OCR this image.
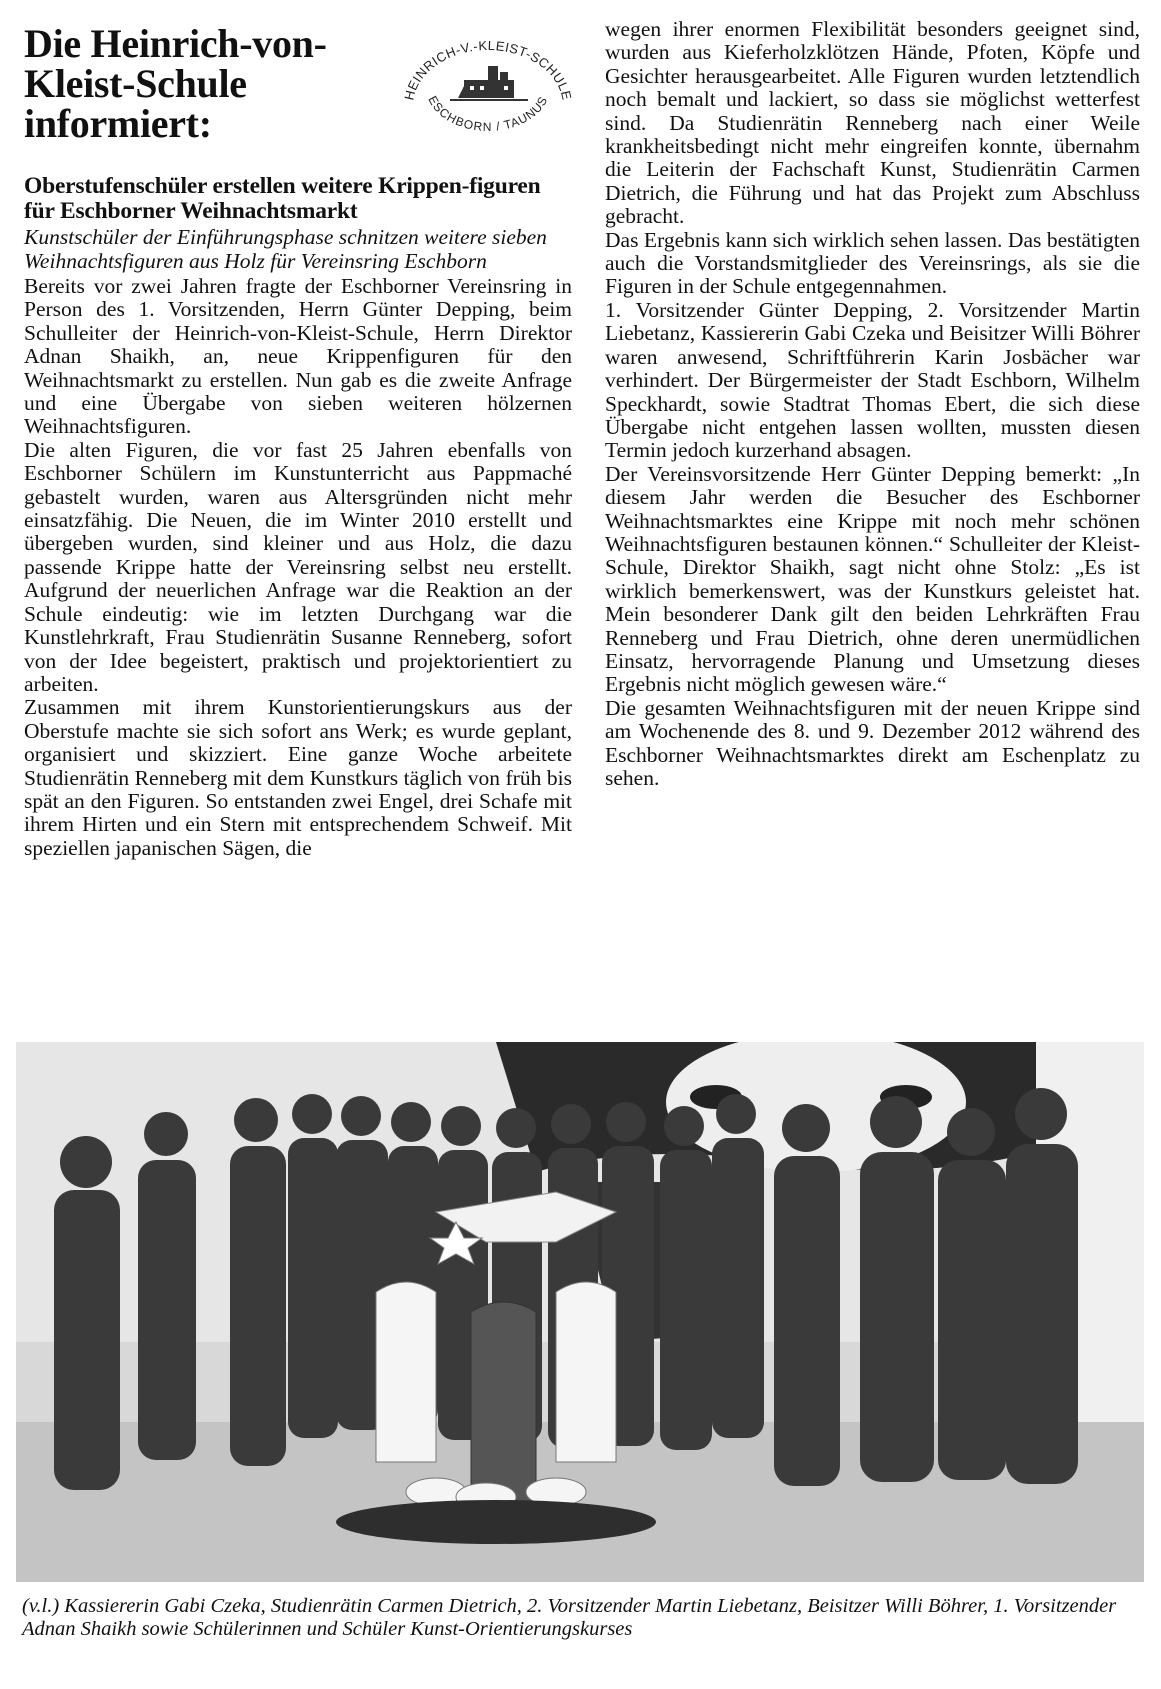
Die Heinrich-von-Kleist-Schule informiert:
HEINRICH-V.-KLEIST-SCHULE
ESCHBORN / TAUNUS
Oberstufenschüler erstellen weitere Krippen-figuren für Eschborner Weihnachtsmarkt

Kunstschüler der Einführungsphase schnitzen weitere sieben Weihnachtsfiguren aus Holz für Vereinsring Eschborn

Bereits vor zwei Jahren fragte der Eschborner Vereinsring in Person des 1. Vorsitzenden, Herrn Günter Depping, beim Schulleiter der Heinrich-von-Kleist-Schule, Herrn Direktor Adnan Shaikh, an, neue Krippenfiguren für den Weihnachtsmarkt zu erstellen. Nun gab es die zweite Anfrage und eine Übergabe von sieben weiteren hölzernen Weihnachtsfiguren.

Die alten Figuren, die vor fast 25 Jahren ebenfalls von Eschborner Schülern im Kunstunterricht aus Pappmaché gebastelt wurden, waren aus Altersgründen nicht mehr einsatzfähig. Die Neuen, die im Winter 2010 erstellt und übergeben wurden, sind kleiner und aus Holz, die dazu passende Krippe hatte der Vereinsring selbst neu erstellt. Aufgrund der neuerlichen Anfrage war die Reaktion an der Schule eindeutig: wie im letzten Durchgang war die Kunstlehrkraft, Frau Studienrätin Susanne Renneberg, sofort von der Idee begeistert, praktisch und projektorientiert zu arbeiten.

Zusammen mit ihrem Kunstorientierungskurs aus der Oberstufe machte sie sich sofort ans Werk; es wurde geplant, organisiert und skizziert. Eine ganze Woche arbeitete Studienrätin Renneberg mit dem Kunstkurs täglich von früh bis spät an den Figuren. So entstanden zwei Engel, drei Schafe mit ihrem Hirten und ein Stern mit entsprechendem Schweif. Mit speziellen japanischen Sägen, die

wegen ihrer enormen Flexibilität besonders geeignet sind, wurden aus Kieferholzklötzen Hände, Pfoten, Köpfe und Gesichter herausgearbeitet. Alle Figuren wurden letztendlich noch bemalt und lackiert, so dass sie möglichst wetterfest sind. Da Studienrätin Renneberg nach einer Weile krankheitsbedingt nicht mehr eingreifen konnte, übernahm die Leiterin der Fachschaft Kunst, Studienrätin Carmen Dietrich, die Führung und hat das Projekt zum Abschluss gebracht.

Das Ergebnis kann sich wirklich sehen lassen. Das bestätigten auch die Vorstandsmitglieder des Vereinsrings, als sie die Figuren in der Schule entgegennahmen.

1. Vorsitzender Günter Depping, 2. Vorsitzender Martin Liebetanz, Kassiererin Gabi Czeka und Beisitzer Willi Böhrer waren anwesend, Schriftführerin Karin Josbächer war verhindert. Der Bürgermeister der Stadt Eschborn, Wilhelm Speckhardt, sowie Stadtrat Thomas Ebert, die sich diese Übergabe nicht entgehen lassen wollten, mussten diesen Termin jedoch kurzerhand absagen.

Der Vereinsvorsitzende Herr Günter Depping bemerkt: „In diesem Jahr werden die Besucher des Eschborner Weihnachtsmarktes eine Krippe mit noch mehr schönen Weihnachtsfiguren bestaunen können.“ Schulleiter der Kleist-Schule, Direktor Shaikh, sagt nicht ohne Stolz: „Es ist wirklich bemerkenswert, was der Kunstkurs geleistet hat. Mein besonderer Dank gilt den beiden Lehrkräften Frau Renneberg und Frau Dietrich, ohne deren unermüdlichen Einsatz, hervorragende Planung und Umsetzung dieses Ergebnis nicht möglich gewesen wäre.“

Die gesamten Weihnachtsfiguren mit der neuen Krippe sind am Wochenende des 8. und 9. Dezember 2012 während des Eschborner Weihnachtsmarktes direkt am Eschenplatz zu sehen.

(v.l.) Kassiererin Gabi Czeka, Studienrätin Carmen Dietrich, 2. Vorsitzender Martin Liebetanz, Beisitzer Willi Böhrer, 1. Vorsitzender Adnan Shaikh sowie Schülerinnen und Schüler Kunst-Orientierungskurses
